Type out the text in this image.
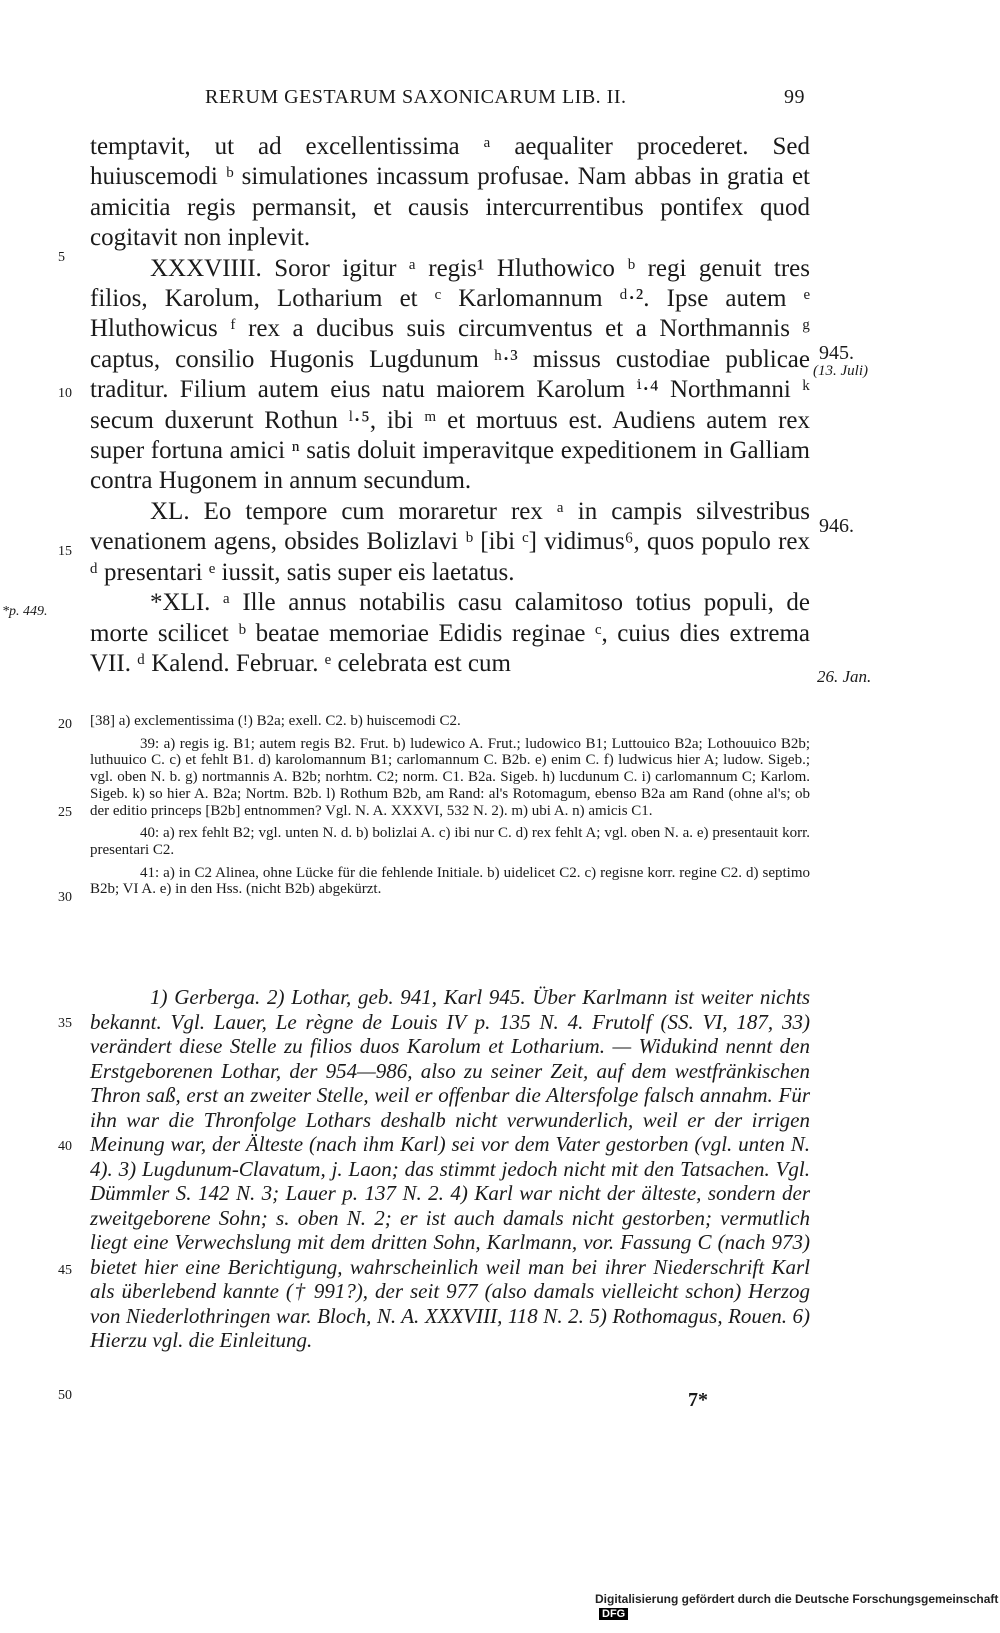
RERUM GESTARUM SAXONICARUM LIB. II.	99

temptavit, ut ad excellentissima ᵃ aequaliter procederet. Sed huiuscemodi ᵇ simulationes incassum profusae. Nam abbas in gratia et amicitia regis permansit, et causis intercurrentibus pontifex quod cogitavit non inplevit.

XXXVIIII. Soror igitur ᵃ regis¹ Hluthowico ᵇ regi genuit tres filios, Karolum, Lotharium et ᶜ Karlomannum ᵈ·². Ipse autem ᵉ Hluthowicus ᶠ rex a ducibus suis circumventus et a Northmannis ᵍ captus, consilio Hugonis Lugdunum ʰ·³ missus custodiae publicae traditur. Filium autem eius natu maiorem Karolum ⁱ·⁴ Northmanni ᵏ secum duxerunt Rothun ˡ·⁵, ibi ᵐ et mortuus est. Audiens autem rex super fortuna amici ⁿ satis doluit imperavitque expeditionem in Galliam contra Hugonem in annum secundum.

XL. Eo tempore cum moraretur rex ᵃ in campis silvestribus venationem agens, obsides Bolizlavi ᵇ [ibi ᶜ] vidimus⁶, quos populo rex ᵈ presentari ᵉ iussit, satis super eis laetatus.

*XLI. ᵃ Ille annus notabilis casu calamitoso totius populi, de morte scilicet ᵇ beatae memoriae Edidis reginae ᶜ, cuius dies extrema VII. ᵈ Kalend. Februar. ᵉ celebrata est cum

5
10
15
20
25
30
35
40
45
50
945.
(13. Juli)
946.
26. Jan.
*p. 449.

[38] a) exclementissima (!) B2a; exell. C2. b) huiscemodi C2.

39: a) regis ig. B1; autem regis B2. Frut. b) ludewico A. Frut.; ludowico B1; Luttouico B2a; Lothouuico B2b; luthuuico C. c) et fehlt B1. d) karolomannum B1; carlomannum C. B2b. e) enim C. f) ludwicus hier A; ludow. Sigeb.; vgl. oben N. b. g) nortmannis A. B2b; norhtm. C2; norm. C1. B2a. Sigeb. h) lucdunum C. i) carlomannum C; Karlom. Sigeb. k) so hier A. B2a; Nortm. B2b. l) Rothum B2b, am Rand: al's Rotomagum, ebenso B2a am Rand (ohne al's; ob der editio princeps [B2b] entnommen? Vgl. N. A. XXXVI, 532 N. 2). m) ubi A. n) amicis C1.

40: a) rex fehlt B2; vgl. unten N. d. b) bolizlai A. c) ibi nur C. d) rex fehlt A; vgl. oben N. a. e) presentauit korr. presentari C2.

41: a) in C2 Alinea, ohne Lücke für die fehlende Initiale. b) uidelicet C2. c) regisne korr. regine C2. d) septimo B2b; VI A. e) in den Hss. (nicht B2b) abgekürzt.

1) Gerberga. 2) Lothar, geb. 941, Karl 945. Über Karlmann ist weiter nichts bekannt. Vgl. Lauer, Le règne de Louis IV p. 135 N. 4. Frutolf (SS. VI, 187, 33) verändert diese Stelle zu filios duos Karolum et Lotharium. — Widukind nennt den Erstgeborenen Lothar, der 954—986, also zu seiner Zeit, auf dem westfränkischen Thron saß, erst an zweiter Stelle, weil er offenbar die Altersfolge falsch annahm. Für ihn war die Thronfolge Lothars deshalb nicht verwunderlich, weil er der irrigen Meinung war, der Älteste (nach ihm Karl) sei vor dem Vater gestorben (vgl. unten N. 4). 3) Lugdunum-Clavatum, j. Laon; das stimmt jedoch nicht mit den Tatsachen. Vgl. Dümmler S. 142 N. 3; Lauer p. 137 N. 2. 4) Karl war nicht der älteste, sondern der zweitgeborene Sohn; s. oben N. 2; er ist auch damals nicht gestorben; vermutlich liegt eine Verwechslung mit dem dritten Sohn, Karlmann, vor. Fassung C (nach 973) bietet hier eine Berichtigung, wahrscheinlich weil man bei ihrer Niederschrift Karl als überlebend kannte († 991?), der seit 977 (also damals vielleicht schon) Herzog von Niederlothringen war. Bloch, N. A. XXXVIII, 118 N. 2. 5) Rothomagus, Rouen. 6) Hierzu vgl. die Einleitung.

7*
Digitalisierung gefördert durch die Deutsche Forschungsgemeinschaft DFG
